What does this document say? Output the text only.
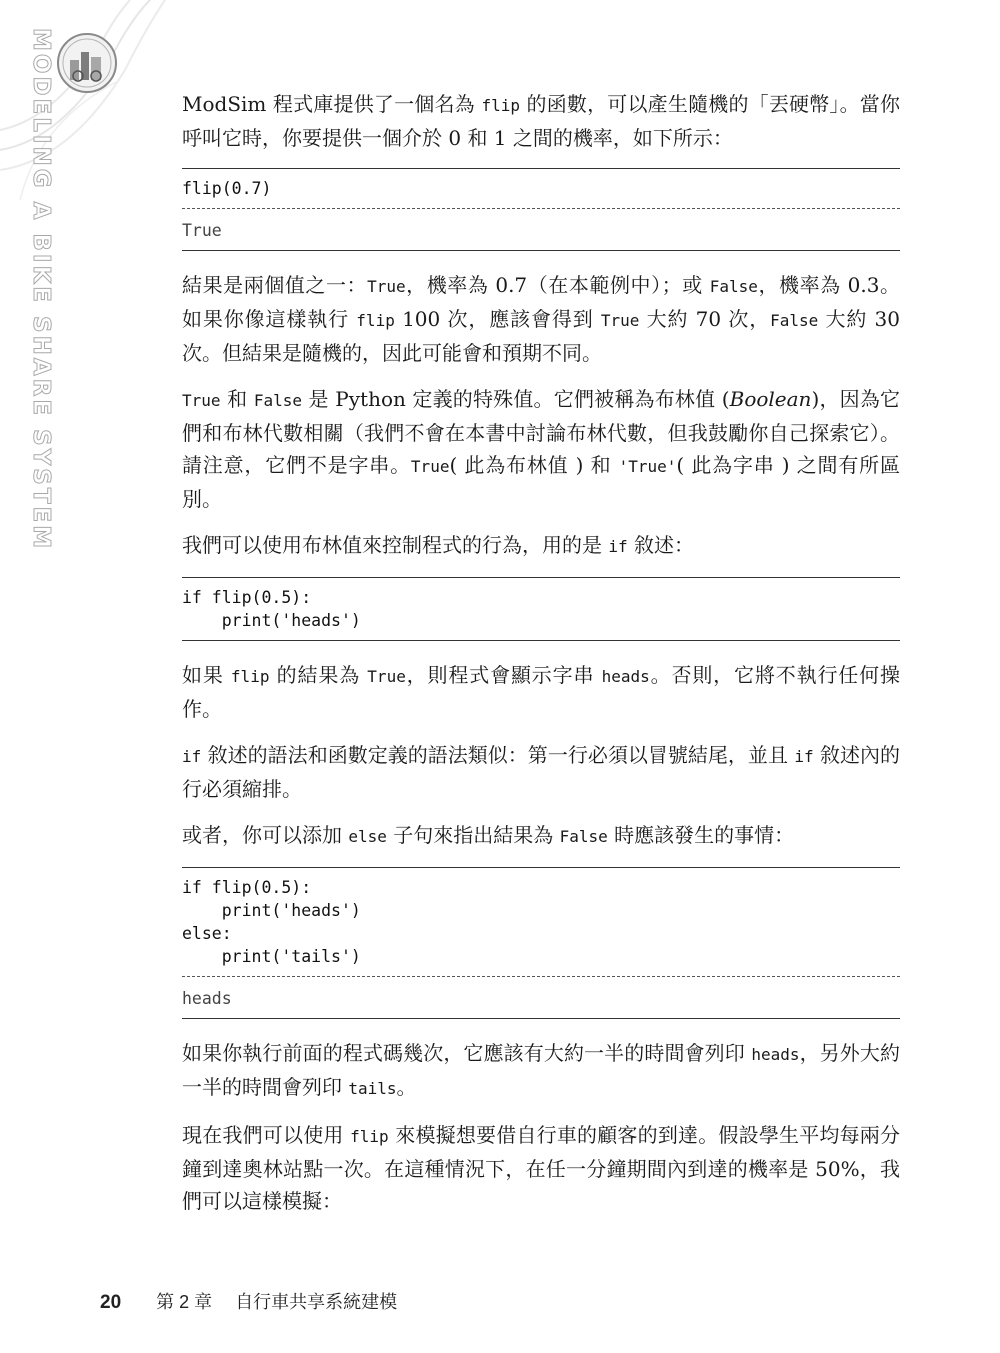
MODELING A BIKE SHARE SYSTEM	ModSim 程式庫提供了一個名為 flip 的函數，可以產生隨機的「丟硬幣」。當你呼叫它時，你要提供一個介於 0 和 1 之間的機率，如下所示：

flip(0.7)
True

結果是兩個值之一：True，機率為 0.7（在本範例中）；或 False，機率為 0.3。如果你像這樣執行 flip 100 次，應該會得到 True 大約 70 次，False 大約 30 次。但結果是隨機的，因此可能會和預期不同。

True 和 False 是 Python 定義的特殊值。它們被稱為布林值 (Boolean)，因為它們和布林代數相關（我們不會在本書中討論布林代數，但我鼓勵你自己探索它）。請注意，它們不是字串。True( 此為布林值 ) 和 'True'( 此為字串 ) 之間有所區別。

我們可以使用布林值來控制程式的行為，用的是 if 敘述：

if flip(0.5):
print('heads')

如果 flip 的結果為 True，則程式會顯示字串 heads。否則，它將不執行任何操作。

if 敘述的語法和函數定義的語法類似：第一行必須以冒號結尾，並且 if 敘述內的行必須縮排。

或者，你可以添加 else 子句來指出結果為 False 時應該發生的事情：

if flip(0.5):
print('heads')
else:
print('tails')
heads

如果你執行前面的程式碼幾次，它應該有大約一半的時間會列印 heads，另外大約一半的時間會列印 tails。

現在我們可以使用 flip 來模擬想要借自行車的顧客的到達。假設學生平均每兩分鐘到達奧林站點一次。在這種情況下，在任一分鐘期間內到達的機率是 50%，我們可以這樣模擬：

20 第 2 章 自行車共享系統建模
